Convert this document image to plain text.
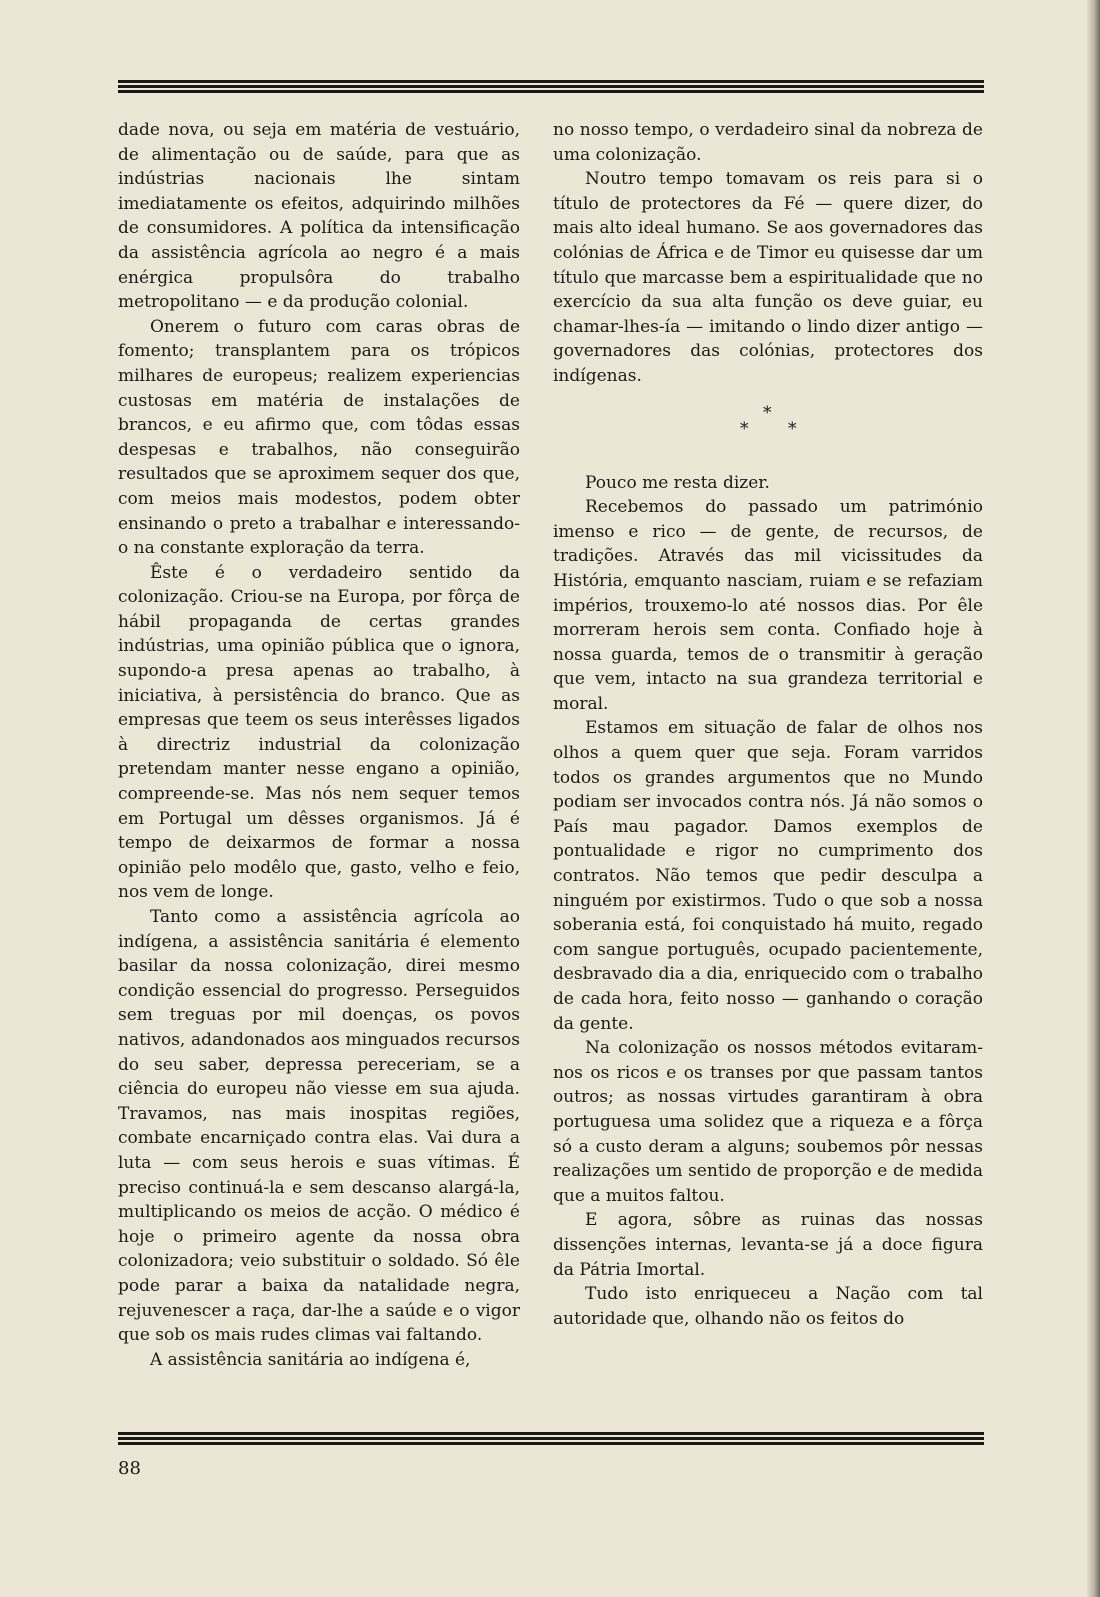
dade nova, ou seja em matéria de vestuário, de alimentação ou de saúde, para que as indústrias nacionais lhe sintam imediatamente os efeitos, adquirindo milhões de consumidores. A política da intensificação da assistência agrícola ao negro é a mais enérgica propulsôra do trabalho metropolitano — e da produção colonial.

Onerem o futuro com caras obras de fomento; transplantem para os trópicos milhares de europeus; realizem experiencias custosas em matéria de instalações de brancos, e eu afirmo que, com tôdas essas despesas e trabalhos, não conseguirão resultados que se aproximem sequer dos que, com meios mais modestos, podem obter ensinando o preto a trabalhar e interessando-o na constante exploração da terra.

Êste é o verdadeiro sentido da colonização. Criou-se na Europa, por fôrça de hábil propaganda de certas grandes indústrias, uma opinião pública que o ignora, supondo-a presa apenas ao trabalho, à iniciativa, à persistência do branco. Que as empresas que teem os seus interêsses ligados à directriz industrial da colonização pretendam manter nesse engano a opinião, compreende-se. Mas nós nem sequer temos em Portugal um dêsses organismos. Já é tempo de deixarmos de formar a nossa opinião pelo modêlo que, gasto, velho e feio, nos vem de longe.

Tanto como a assistência agrícola ao indígena, a assistência sanitária é elemento basilar da nossa colonização, direi mesmo condição essencial do progresso. Perseguidos sem treguas por mil doenças, os povos nativos, adandonados aos minguados recursos do seu saber, depressa pereceriam, se a ciência do europeu não viesse em sua ajuda. Travamos, nas mais inospitas regiões, combate encarniçado contra elas. Vai dura a luta — com seus herois e suas vítimas. É preciso continuá-la e sem descanso alargá-la, multiplicando os meios de acção. O médico é hoje o primeiro agente da nossa obra colonizadora; veio substituir o soldado. Só êle pode parar a baixa da natalidade negra, rejuvenescer a raça, dar-lhe a saúde e o vigor que sob os mais rudes climas vai faltando.

A assistência sanitária ao indígena é,

no nosso tempo, o verdadeiro sinal da nobreza de uma colonização.

Noutro tempo tomavam os reis para si o título de protectores da Fé — quere dizer, do mais alto ideal humano. Se aos governadores das colónias de África e de Timor eu quisesse dar um título que marcasse bem a espiritualidade que no exercício da sua alta função os deve guiar, eu chamar-lhes-ía — imitando o lindo dizer antigo — governadores das colónias, protectores dos indígenas.

*
* *

Pouco me resta dizer.

Recebemos do passado um património imenso e rico — de gente, de recursos, de tradições. Através das mil vicissitudes da História, emquanto nasciam, ruiam e se refaziam impérios, trouxemo-lo até nossos dias. Por êle morreram herois sem conta. Confiado hoje à nossa guarda, temos de o transmitir à geração que vem, intacto na sua grandeza territorial e moral.

Estamos em situação de falar de olhos nos olhos a quem quer que seja. Foram varridos todos os grandes argumentos que no Mundo podiam ser invocados contra nós. Já não somos o País mau pagador. Damos exemplos de pontualidade e rigor no cumprimento dos contratos. Não temos que pedir desculpa a ninguém por existirmos. Tudo o que sob a nossa soberania está, foi conquistado há muito, regado com sangue português, ocupado pacientemente, desbravado dia a dia, enriquecido com o trabalho de cada hora, feito nosso — ganhando o coração da gente.

Na colonização os nossos métodos evitaram-nos os ricos e os transes por que passam tantos outros; as nossas virtudes garantiram à obra portuguesa uma solidez que a riqueza e a fôrça só a custo deram a alguns; soubemos pôr nessas realizações um sentido de proporção e de medida que a muitos faltou.

E agora, sôbre as ruinas das nossas dissenções internas, levanta-se já a doce figura da Pátria Imortal.

Tudo isto enriqueceu a Nação com tal autoridade que, olhando não os feitos do

88
